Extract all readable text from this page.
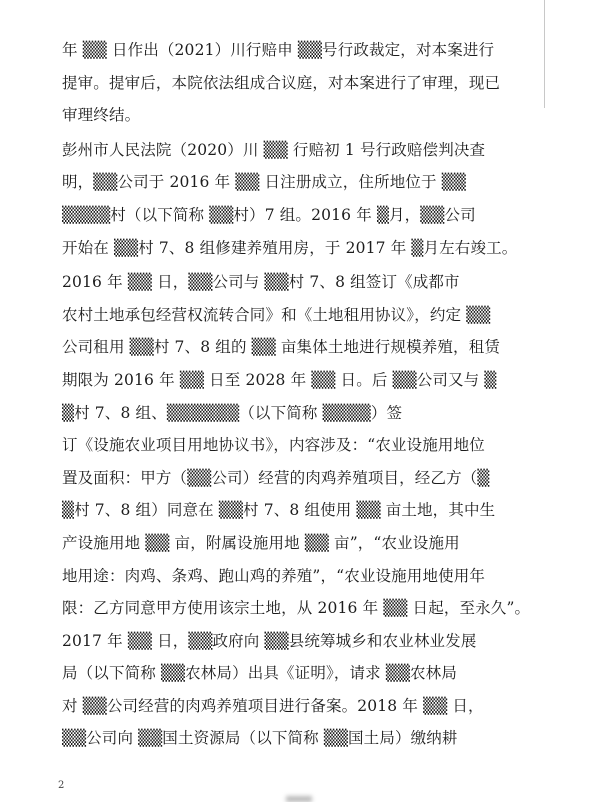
年 ▒▒ 日作出（2021）川行赔申 ▒▒号行政裁定，对本案进行
提审。提审后，本院依法组成合议庭，对本案进行了审理，现已
审理终结。
彭州市人民法院（2020）川 ▒▒ 行赔初 1 号行政赔偿判决查
明，▒▒公司于 2016 年 ▒▒ 日注册成立，住所地位于 ▒▒
▒▒▒▒村（以下简称 ▒▒村）7 组。2016 年 ▒月，▒▒公司
开始在 ▒▒村 7、8 组修建养殖用房，于 2017 年 ▒月左右竣工。
2016 年 ▒▒ 日，▒▒公司与 ▒▒村 7、8 组签订《成都市
农村土地承包经营权流转合同》和《土地租用协议》，约定 ▒▒
公司租用 ▒▒村 7、8 组的 ▒▒ 亩集体土地进行规模养殖，租赁
期限为 2016 年 ▒▒ 日至 2028 年 ▒▒ 日。后 ▒▒公司又与 ▒
▒村 7、8 组、▒▒▒▒▒▒（以下简称 ▒▒▒▒）签
订《设施农业项目用地协议书》，内容涉及：“农业设施用地位
置及面积：甲方（▒▒公司）经营的肉鸡养殖项目，经乙方（▒
▒村 7、8 组）同意在 ▒▒村 7、8 组使用 ▒▒ 亩土地，其中生
产设施用地 ▒▒ 亩，附属设施用地 ▒▒ 亩”，“农业设施用
地用途：肉鸡、条鸡、跑山鸡的养殖”，“农业设施用地使用年
限：乙方同意甲方使用该宗土地，从 2016 年 ▒▒ 日起，至永久”。
2017 年 ▒▒ 日，▒▒政府向 ▒▒县统筹城乡和农业林业发展
局（以下简称 ▒▒农林局）出具《证明》，请求 ▒▒农林局
对 ▒▒公司经营的肉鸡养殖项目进行备案。2018 年 ▒▒ 日，
▒▒公司向 ▒▒国土资源局（以下简称 ▒▒国土局）缴纳耕
2
